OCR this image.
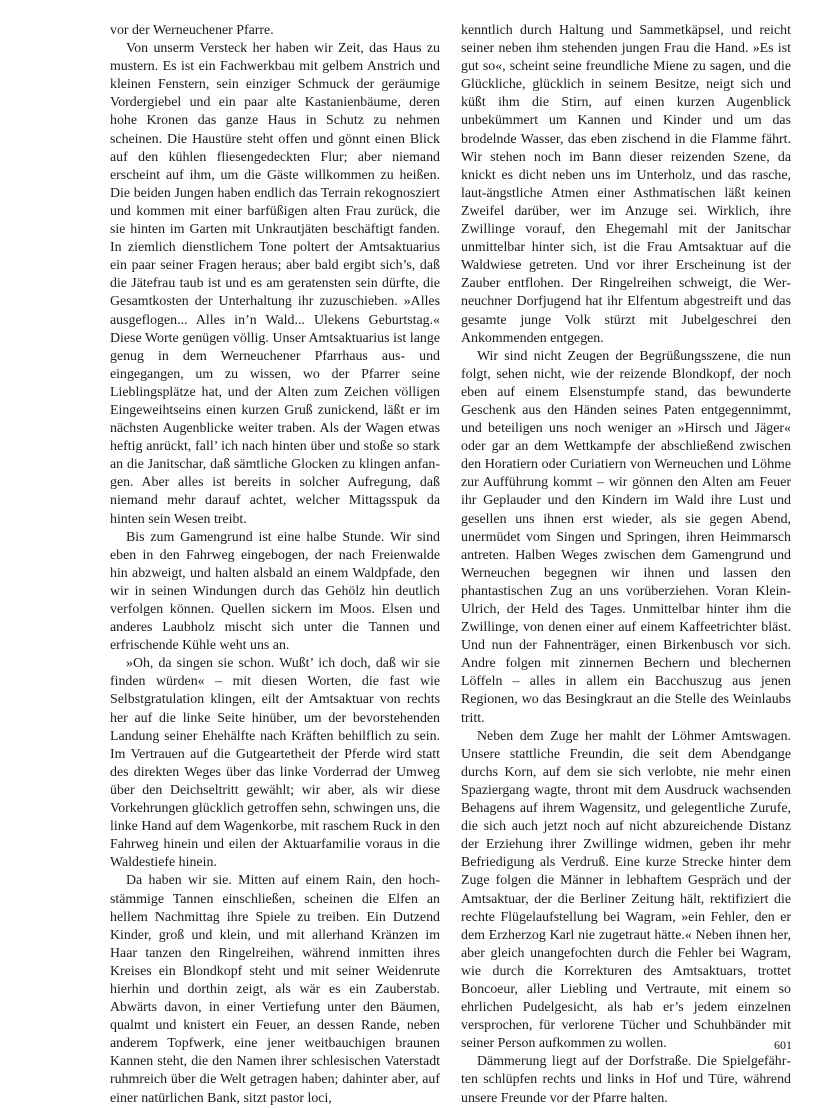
vor der Werneuchener Pfarre.

Von unserm Versteck her haben wir Zeit, das Haus zu mustern. Es ist ein Fachwerkbau mit gelbem Anstrich und kleinen Fenstern, sein einziger Schmuck der geräumige Vordergiebel und ein paar alte Kastanienbäume, deren hohe Kronen das ganze Haus in Schutz zu nehmen scheinen. Die Haustüre steht offen und gönnt einen Blick auf den kühlen fliesengedeckten Flur; aber niemand erscheint auf ihm, um die Gäste willkommen zu heißen. Die beiden Jungen haben endlich das Terrain rekognosziert und kommen mit einer barfüßigen alten Frau zurück, die sie hinten im Garten mit Unkrautjäten beschäftigt fanden. In ziemlich dienstlichem Tone poltert der Amtsaktuarius ein paar seiner Fragen heraus; aber bald ergibt sich’s, daß die Jätefrau taub ist und es am geratensten sein dürfte, die Gesamtkosten der Unterhaltung ihr zuzuschieben. »Alles ausgeflogen... Alles in’n Wald... Ulekens Geburtstag.« Diese Worte genügen völlig. Unser Amtsaktuarius ist lange genug in dem Werneuchener Pfarrhaus aus- und eingegangen, um zu wissen, wo der Pfarrer seine Lieblingsplätze hat, und der Alten zum Zeichen völligen Eingeweihtseins einen kurzen Gruß zunickend, läßt er im nächsten Augenblicke weiter traben. Als der Wagen etwas heftig anrückt, fall’ ich nach hinten über und stoße so stark an die Janitschar, daß sämtliche Glocken zu klingen anfangen. Aber alles ist bereits in solcher Aufregung, daß niemand mehr darauf achtet, welcher Mittagsspuk da hinten sein Wesen treibt.

Bis zum Gamengrund ist eine halbe Stunde. Wir sind eben in den Fahrweg eingebogen, der nach Freienwalde hin abzweigt, und halten alsbald an einem Waldpfade, den wir in seinen Windungen durch das Gehölz hin deutlich verfolgen können. Quellen sickern im Moos. Elsen und anderes Laubholz mischt sich unter die Tannen und erfrischende Kühle weht uns an.

»Oh, da singen sie schon. Wußt’ ich doch, daß wir sie finden würden« – mit diesen Worten, die fast wie Selbstgratulation klingen, eilt der Amtsaktuar von rechts her auf die linke Seite hinüber, um der bevorstehenden Landung seiner Ehehälfte nach Kräften behilflich zu sein. Im Vertrauen auf die Gutgeartetheit der Pferde wird statt des direkten Weges über das linke Vorderrad der Umweg über den Deichseltritt gewählt; wir aber, als wir diese Vorkehrungen glücklich getroffen sehn, schwingen uns, die linke Hand auf dem Wagenkorbe, mit raschem Ruck in den Fahrweg hinein und eilen der Aktuarfamilie voraus in die Waldestiefe hinein.

Da haben wir sie. Mitten auf einem Rain, den hochstämmige Tannen einschließen, scheinen die Elfen an hellem Nachmittag ihre Spiele zu treiben. Ein Dutzend Kinder, groß und klein, und mit allerhand Kränzen im Haar tanzen den Ringelreihen, während inmitten ihres Kreises ein Blondkopf steht und mit seiner Weidenrute hierhin und dorthin zeigt, als wär es ein Zauberstab. Abwärts davon, in einer Vertiefung unter den Bäumen, qualmt und knistert ein Feuer, an dessen Rande, neben anderem Topfwerk, eine jener weitbauchigen braunen Kannen steht, die den Namen ihrer schlesischen Vaterstadt ruhmreich über die Welt getragen haben; dahinter aber, auf einer natürlichen Bank, sitzt pastor loci,

kenntlich durch Haltung und Sammetkäpsel, und reicht seiner neben ihm stehenden jungen Frau die Hand. »Es ist gut so«, scheint seine freundliche Miene zu sagen, und die Glückliche, glücklich in seinem Besitze, neigt sich und küßt ihm die Stirn, auf einen kurzen Augenblick unbekümmert um Kannen und Kinder und um das brodelnde Wasser, das eben zischend in die Flamme fährt. Wir stehen noch im Bann dieser reizenden Szene, da knickt es dicht neben uns im Unterholz, und das rasche, laut-ängstliche Atmen einer Asthmatischen läßt keinen Zweifel darüber, wer im Anzuge sei. Wirklich, ihre Zwillinge vorauf, den Ehegemahl mit der Janitschar unmittelbar hinter sich, ist die Frau Amtsaktuar auf die Waldwiese getreten. Und vor ihrer Erscheinung ist der Zauber entflohen. Der Ringelreihen schweigt, die Werneuchner Dorfjugend hat ihr Elfentum abgestreift und das gesamte junge Volk stürzt mit Jubelgeschrei den Ankommenden entgegen.

Wir sind nicht Zeugen der Begrüßungsszene, die nun folgt, sehen nicht, wie der reizende Blondkopf, der noch eben auf einem Elsenstumpfe stand, das bewunderte Geschenk aus den Händen seines Paten entgegennimmt, und beteiligen uns noch weniger an »Hirsch und Jäger« oder gar an dem Wettkampfe der abschließend zwischen den Horatiern oder Curiatiern von Werneuchen und Löhme zur Aufführung kommt – wir gönnen den Alten am Feuer ihr Geplauder und den Kindern im Wald ihre Lust und gesellen uns ihnen erst wieder, als sie gegen Abend, unermüdet vom Singen und Springen, ihren Heimmarsch antreten. Halben Weges zwischen dem Gamengrund und Werneuchen begegnen wir ihnen und lassen den phantastischen Zug an uns vorüberziehen. Voran Klein-Ulrich, der Held des Tages. Unmittelbar hinter ihm die Zwillinge, von denen einer auf einem Kaffeetrichter bläst. Und nun der Fahnenträger, einen Birkenbusch vor sich. Andre folgen mit zinnernen Bechern und blechernen Löffeln – alles in allem ein Bacchuszug aus jenen Regionen, wo das Besingkraut an die Stelle des Weinlaubs tritt.

Neben dem Zuge her mahlt der Löhmer Amtswagen. Unsere stattliche Freundin, die seit dem Abendgange durchs Korn, auf dem sie sich verlobte, nie mehr einen Spaziergang wagte, thront mit dem Ausdruck wachsenden Behagens auf ihrem Wagensitz, und gelegentliche Zurufe, die sich auch jetzt noch auf nicht abzureichende Distanz der Erziehung ihrer Zwillinge widmen, geben ihr mehr Befriedigung als Verdruß. Eine kurze Strecke hinter dem Zuge folgen die Männer in lebhaftem Gespräch und der Amtsaktuar, der die Berliner Zeitung hält, rektifiziert die rechte Flügelaufstellung bei Wagram, »ein Fehler, den er dem Erzherzog Karl nie zugetraut hätte.« Neben ihnen her, aber gleich unangefochten durch die Fehler bei Wagram, wie durch die Korrekturen des Amtsaktuars, trottet Boncoeur, aller Liebling und Vertraute, mit einem so ehrlichen Pudelgesicht, als hab er’s jedem einzelnen versprochen, für verlorene Tücher und Schuhbänder mit seiner Person aufkommen zu wollen.

Dämmerung liegt auf der Dorfstraße. Die Spielgefährten schlüpfen rechts und links in Hof und Türe, während unsere Freunde vor der Pfarre halten.

601
